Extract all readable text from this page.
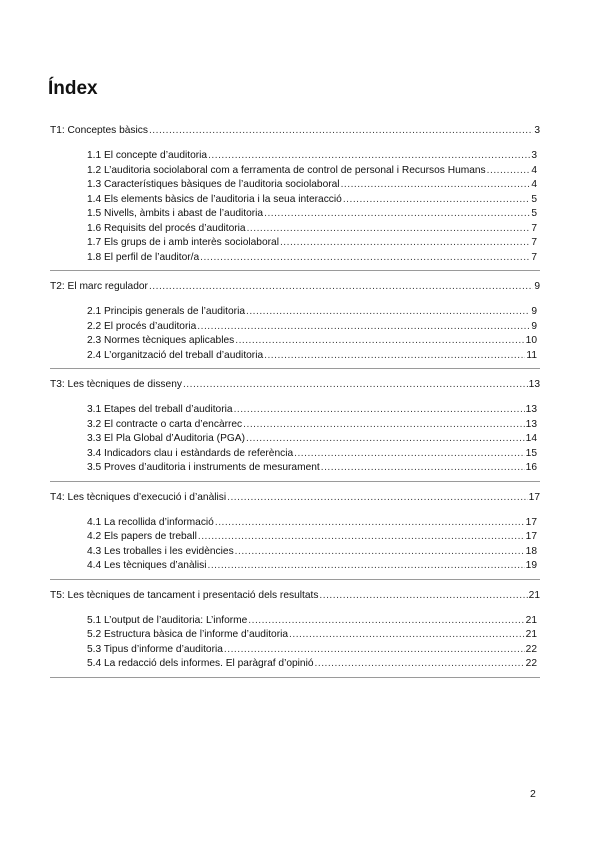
Índex
T1: Conceptes bàsics .....	3
1.1 El concepte d’auditoria .....	3
1.2 L’auditoria sociolaboral com a ferramenta de control de personal i Recursos Humans .....	4
1.3 Característiques bàsiques de l’auditoria sociolaboral .....	4
1.4 Els elements bàsics de l’auditoria i la seua interacció .....	5
1.5 Nivells, àmbits i abast de l’auditoria .....	5
1.6 Requisits del procés d’auditoria .....	7
1.7 Els grups de i amb interès sociolaboral .....	7
1.8 El perfil de l’auditor/a .....	7
T2: El marc regulador .....	9
2.1 Principis generals de l’auditoria .....	9
2.2 El procés d’auditoria .....	9
2.3 Normes tècniques aplicables .....	10
2.4 L’organització del treball d’auditoria .....	11
T3: Les tècniques de disseny .....	13
3.1 Etapes del treball d’auditoria .....	13
3.2 El contracte o carta d’encàrrec .....	13
3.3 El Pla Global d’Auditoria (PGA) .....	14
3.4 Indicadors clau i estàndards de referència .....	15
3.5 Proves d’auditoria i instruments de mesurament .....	16
T4: Les tècniques d’execució i d’anàlisi .....	17
4.1 La recollida d’informació .....	17
4.2 Els papers de treball .....	17
4.3 Les troballes i les evidències .....	18
4.4 Les tècniques d’anàlisi .....	19
T5: Les tècniques de tancament i presentació dels resultats .....	21
5.1 L’output de l’auditoria: L’informe .....	21
5.2 Estructura bàsica de l’informe d’auditoria .....	21
5.3 Tipus d’informe d’auditoria .....	22
5.4 La redacció dels informes. El paràgraf d’opinió .....	22
2
